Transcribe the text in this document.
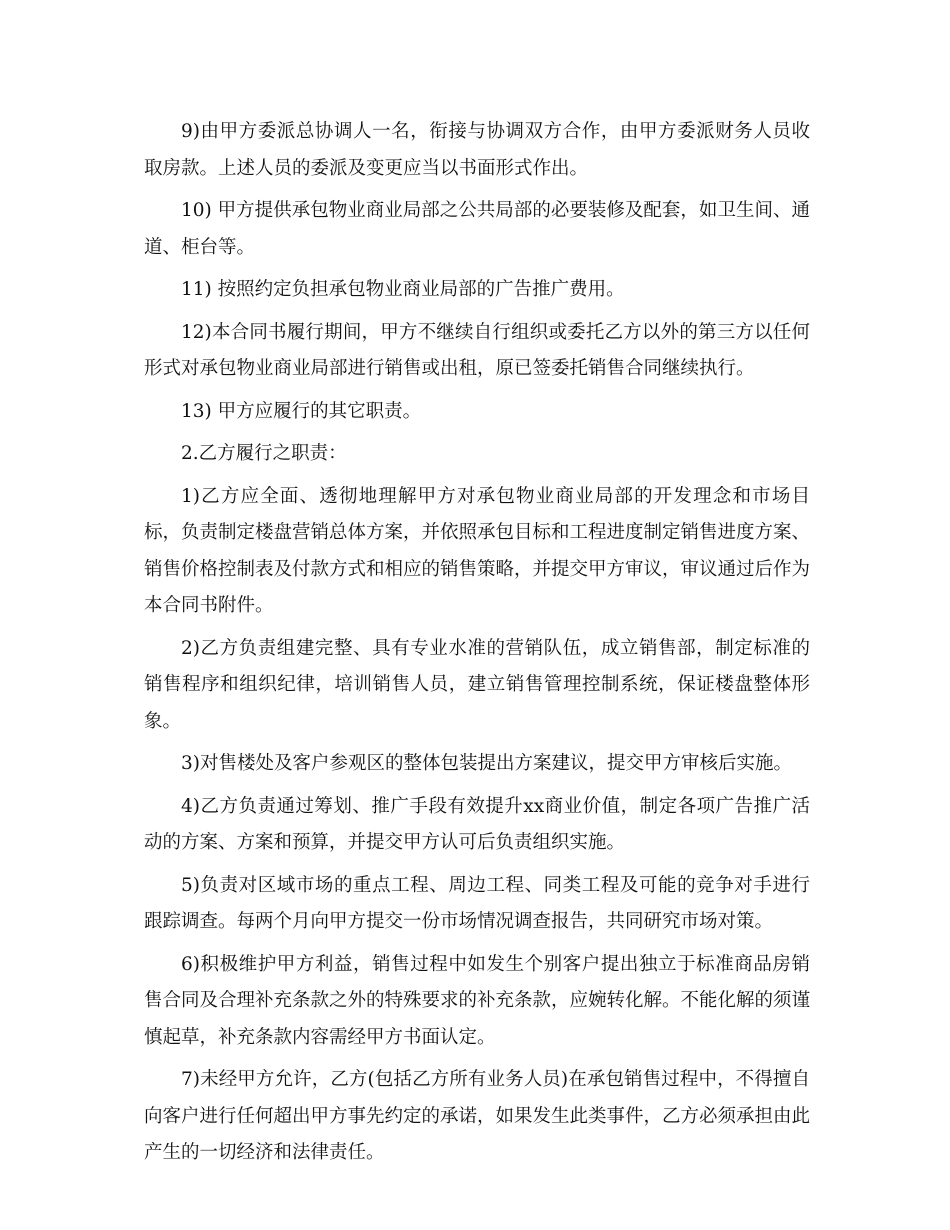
9)由甲方委派总协调人一名，衔接与协调双方合作，由甲方委派财务人员收取房款。上述人员的委派及变更应当以书面形式作出。

10) 甲方提供承包物业商业局部之公共局部的必要装修及配套，如卫生间、通道、柜台等。

11) 按照约定负担承包物业商业局部的广告推广费用。

12)本合同书履行期间，甲方不继续自行组织或委托乙方以外的第三方以任何形式对承包物业商业局部进行销售或出租，原已签委托销售合同继续执行。

13) 甲方应履行的其它职责。

2.乙方履行之职责：

1)乙方应全面、透彻地理解甲方对承包物业商业局部的开发理念和市场目标，负责制定楼盘营销总体方案，并依照承包目标和工程进度制定销售进度方案、销售价格控制表及付款方式和相应的销售策略，并提交甲方审议，审议通过后作为本合同书附件。

2)乙方负责组建完整、具有专业水准的营销队伍，成立销售部，制定标准的销售程序和组织纪律，培训销售人员，建立销售管理控制系统，保证楼盘整体形象。

3)对售楼处及客户参观区的整体包装提出方案建议，提交甲方审核后实施。

4)乙方负责通过筹划、推广手段有效提升xx商业价值，制定各项广告推广活动的方案、方案和预算，并提交甲方认可后负责组织实施。

5)负责对区域市场的重点工程、周边工程、同类工程及可能的竞争对手进行跟踪调查。每两个月向甲方提交一份市场情况调查报告，共同研究市场对策。

6)积极维护甲方利益，销售过程中如发生个别客户提出独立于标准商品房销售合同及合理补充条款之外的特殊要求的补充条款，应婉转化解。不能化解的须谨慎起草，补充条款内容需经甲方书面认定。

7)未经甲方允许，乙方(包括乙方所有业务人员)在承包销售过程中，不得擅自向客户进行任何超出甲方事先约定的承诺，如果发生此类事件，乙方必须承担由此产生的一切经济和法律责任。
